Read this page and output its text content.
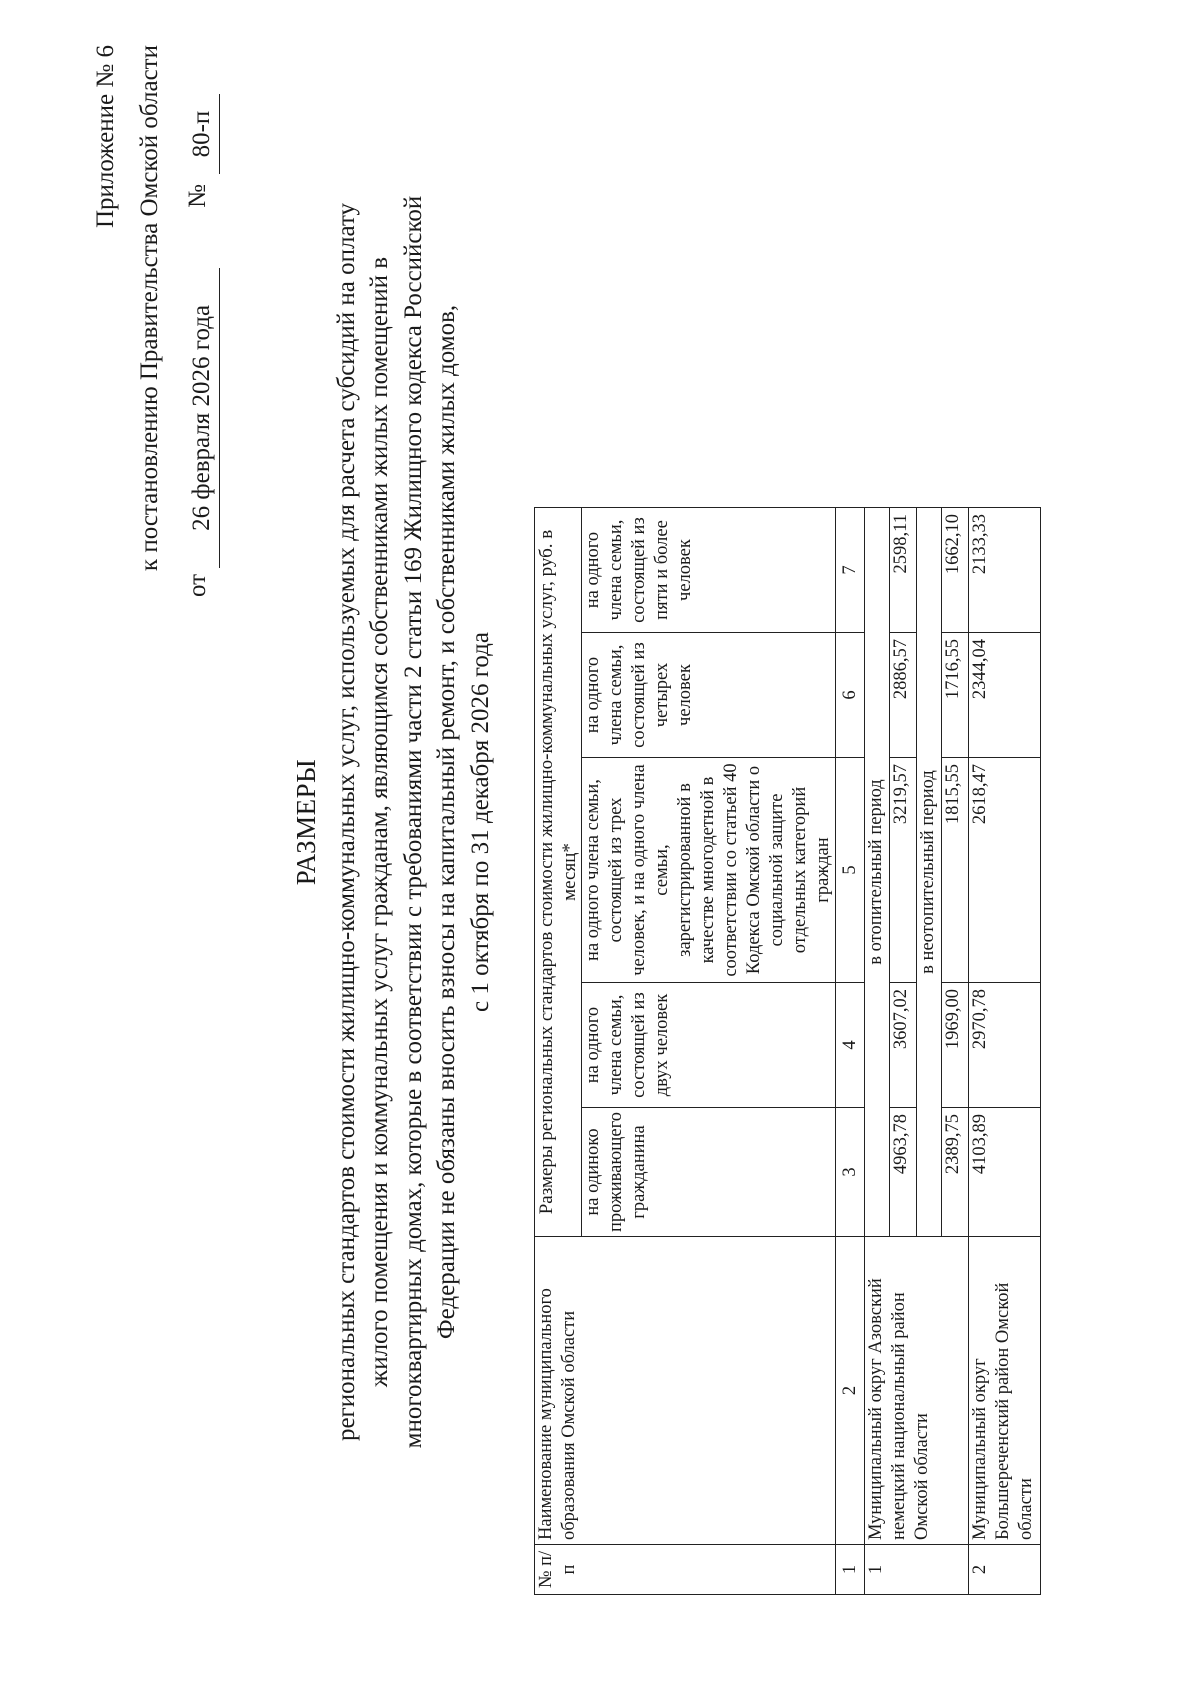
Приложение № 6 к постановлению Правительства Омской области
от
26 февраля 2026 года
№
80-п
РАЗМЕРЫ региональных стандартов стоимости жилищно-коммунальных услуг, используемых для расчета субсидий на оплату жилого помещения и коммунальных услуг гражданам, являющимся собственниками жилых помещений в многоквартирных домах, которые в соответствии с требованиями части 2 статьи 169 Жилищного кодекса Российской Федерации не обязаны вносить взносы на капитальный ремонт, и собственниками жилых домов, с 1 октября по 31 декабря 2026 года
№ п/п	Наименование муниципального образования Омской области	Размеры региональных стандартов стоимости жилищно-коммунальных услуг, руб. в месяц*				
		на одиноко проживающего гражданина	на одного члена семьи, состоящей из двух человек	на одного члена семьи, состоящей из трех человек, и на одного члена семьи, зарегистрированной в качестве многодетной в соответствии со статьей 40 Кодекса Омской области о социальной защите отдельных категорий граждан	на одного члена семьи, состоящей из четырех человек	на одного члена семьи, состоящей из пяти и более человек
1	2	3	4	5	6	7
1	Муниципальный округ Азовский немецкий национальный район Омской области	в отопительный период				
		4963,78	3607,02	3219,57	2886,57	2598,11
		в неотопительный период				
		2389,75	1969,00	1815,55	1716,55	1662,10
2	Муниципальный округ Большереченский район Омской области	4103,89	2970,78	2618,47	2344,04	2133,33
